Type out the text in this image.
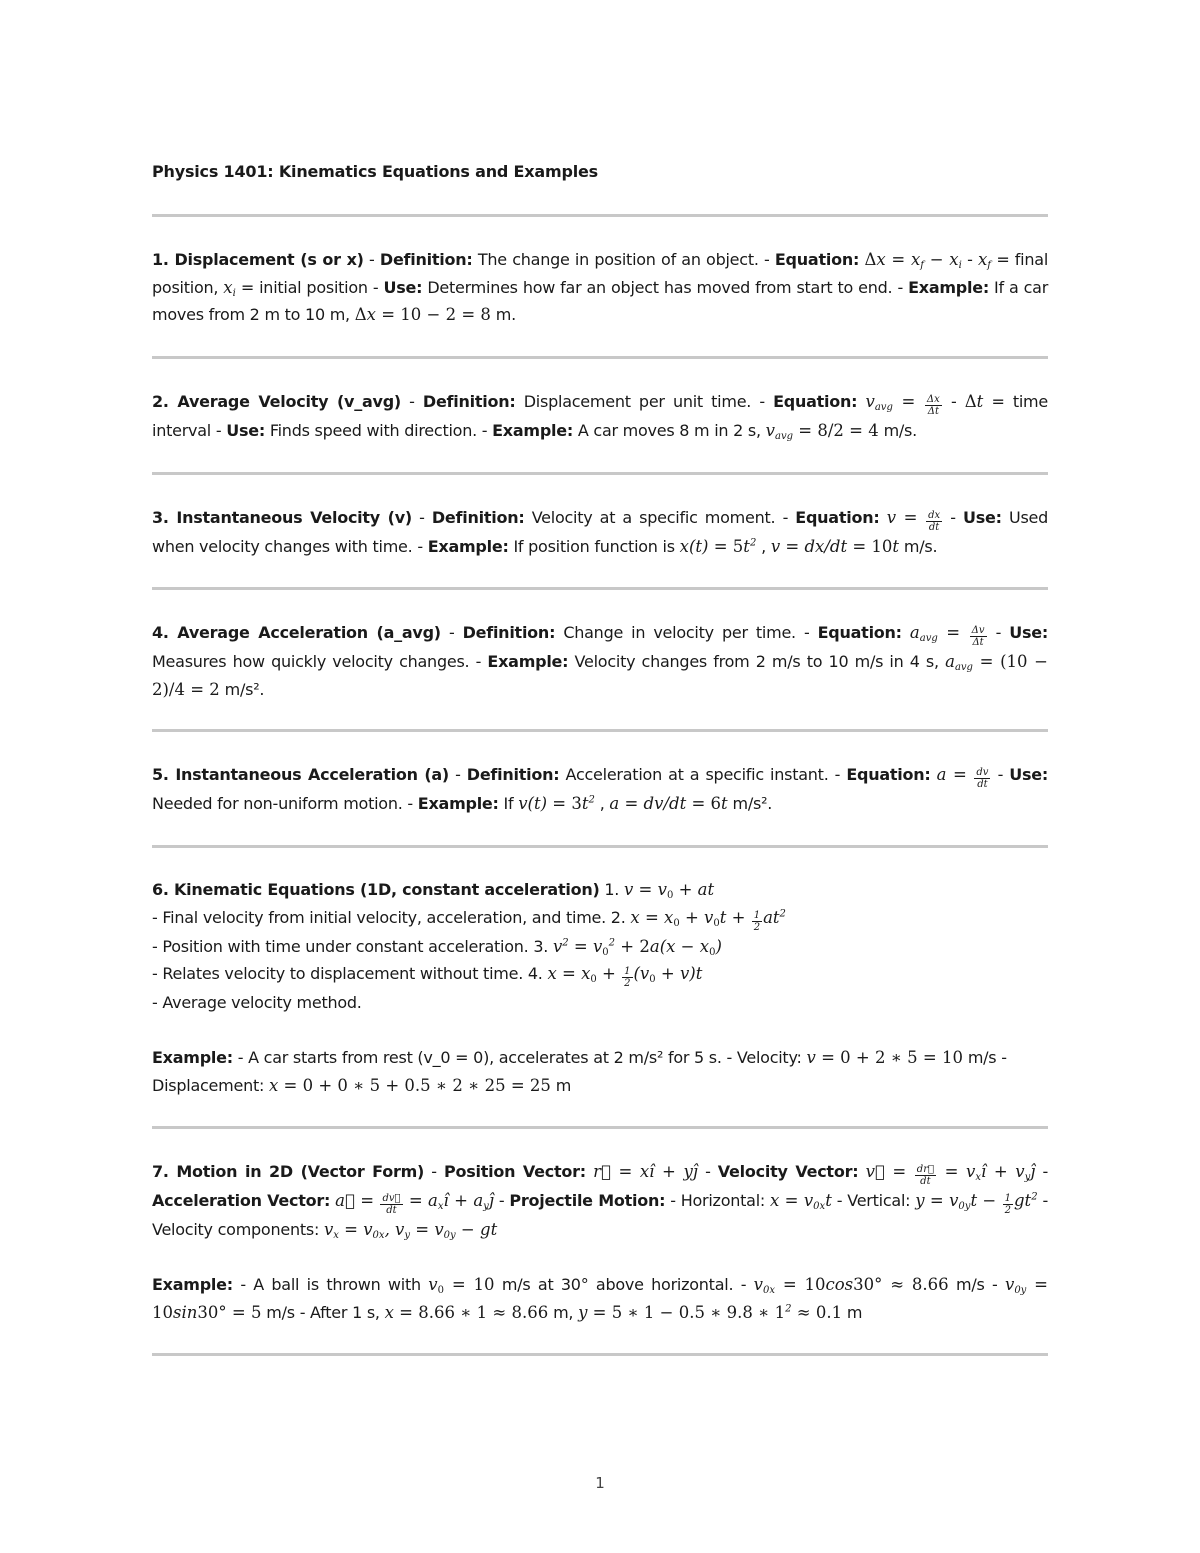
Physics 1401: Kinematics Equations and Examples

1. Displacement (s or x) - Definition: The change in position of an object. - Equation: $\Delta x = x_f - x_i - x_f$ = final position, $x_i$ = initial position - Use: Determines how far an object has moved from start to end. - Example: If a car moves from 2 m to 10 m, Δx = 10 − 2 = 8 m.

2. Average Velocity (v_avg) - Definition: Displacement per unit time. - Equation: $v_{avg} = \frac{\Delta x}{\Delta t} - \Delta t$ = time interval - Use: Finds speed with direction. - Example: A car moves 8 m in 2 s, $v_{avg} = 8/2 = 4$ m/s.

3. Instantaneous Velocity (v) - Definition: Velocity at a specific moment. - Equation: $v = \frac{dx}{dt}$ - Use: Used when velocity changes with time. - Example: If position function is $x(t) = 5t^2$ , v = dx/dt = 10t m/s.

4. Average Acceleration (a_avg) - Definition: Change in velocity per time. - Equation: $a_{avg} = \frac{\Delta v}{\Delta t}$ - Use: Measures how quickly velocity changes. - Example: Velocity changes from 2 m/s to 10 m/s in 4 s, $a_{avg} = (10 - 2)/4 = 2$ m/s².

5. Instantaneous Acceleration (a) - Definition: Acceleration at a specific instant. - Equation: $a = \frac{dv}{dt}$ - Use: Needed for non-uniform motion. - Example: If $v(t) = 3t^2$ , a = dv/dt = 6t m/s².

6. Kinematic Equations (1D, constant acceleration) 1. $v = v_0$ + at

- Final velocity from initial velocity, acceleration, and time. 2. $x = x_0 + v_0t + \frac{1}{2} at^2$

- Position with time under constant acceleration. 3. $v^2 = v_0^2 + 2a(x - x_0)$

- Relates velocity to displacement without time. 4. $x = x_0 + \frac{1}{2} (v_0 + v)t$

- Average velocity method.

Example: - A car starts from rest (v_0 = 0), accelerates at 2 m/s² for 5 s. - Velocity: v = 0 + 2 ∗ 5 = 10 m/s - Displacement: x = 0 + 0 ∗ 5 + 0.5 ∗ 2 ∗ 25 = 25 m

7. Motion in 2D (Vector Form) - Position Vector: r⃗ = xî + yĵ - Velocity Vector: v⃗ = $\frac{dr⃗}{dt}$ = $v_xî$ + $v_yĵ$ - Acceleration Vector: a⃗ = $\frac{dv⃗}{dt}$ = $a_xî$ + $a_yĵ$ - Projectile Motion: - Horizontal: $x = v_{0x}t$ - Vertical: $y = v_{0y}t - \frac{1}{2} gt^2$ - Velocity components: $v_x = v_{0x}$, $v_y = v_{0y}$ − gt

Example: - A ball is thrown with $v_0 = 10$ m/s at 30° above horizontal. - $v_{0x} = 10\cos 30^\circ \approx 8.66$ $m/s - v_{0y} = 10\sin 30^\circ = 5$ m/s - After 1 s, x = 8.66 ∗ 1 ≈ 8.66 m, y = 5 ∗ 1 − 0.5 ∗ 9.8 ∗ $1^2 \approx 0.1$ m

1
